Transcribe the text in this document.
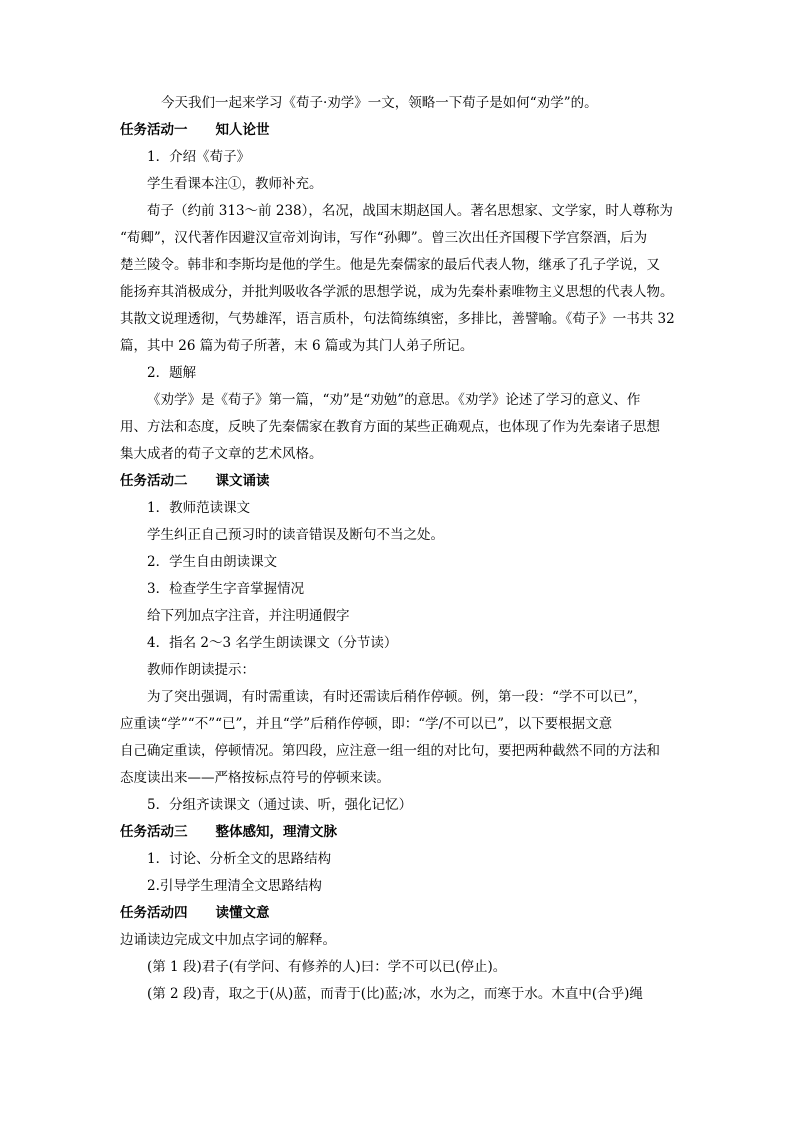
今天我们一起来学习《荀子·劝学》一文，领略一下荀子是如何“劝学”的。
任务活动一 知人论世
1．介绍《荀子》
学生看课本注①，教师补充。
荀子（约前 313～前 238），名况，战国末期赵国人。著名思想家、文学家，时人尊称为
“荀卿”，汉代著作因避汉宣帝刘询讳，写作“孙卿”。曾三次出任齐国稷下学宫祭酒，后为
楚兰陵令。韩非和李斯均是他的学生。他是先秦儒家的最后代表人物，继承了孔子学说，又
能扬弃其消极成分，并批判吸收各学派的思想学说，成为先秦朴素唯物主义思想的代表人物。
其散文说理透彻，气势雄浑，语言质朴，句法简练缜密，多排比，善譬喻。《荀子》一书共 32
篇，其中 26 篇为荀子所著，末 6 篇或为其门人弟子所记。
2．题解
《劝学》是《荀子》第一篇，“劝”是“劝勉”的意思。《劝学》论述了学习的意义、作
用、方法和态度，反映了先秦儒家在教育方面的某些正确观点，也体现了作为先秦诸子思想
集大成者的荀子文章的艺术风格。
任务活动二 课文诵读
1．教师范读课文
学生纠正自己预习时的读音错误及断句不当之处。
2．学生自由朗读课文
3．检查学生字音掌握情况
给下列加点字注音，并注明通假字
4．指名 2～3 名学生朗读课文（分节读）
教师作朗读提示：
为了突出强调，有时需重读，有时还需读后稍作停顿。例，第一段：“学不可以已”，
应重读“学”“不”“已”，并且“学”后稍作停顿，即：“学/不可以已”，以下要根据文意
自己确定重读，停顿情况。第四段，应注意一组一组的对比句，要把两种截然不同的方法和
态度读出来——严格按标点符号的停顿来读。
5．分组齐读课文（通过读、听，强化记忆）
任务活动三 整体感知，理清文脉
1．讨论、分析全文的思路结构
2.引导学生理清全文思路结构
任务活动四 读懂文意
边诵读边完成文中加点字词的解释。
(第 1 段)君子(有学问、有修养的人)曰：学不可以已(停止)。
(第 2 段)青，取之于(从)蓝，而青于(比)蓝;冰，水为之，而寒于水。木直中(合乎)绳
